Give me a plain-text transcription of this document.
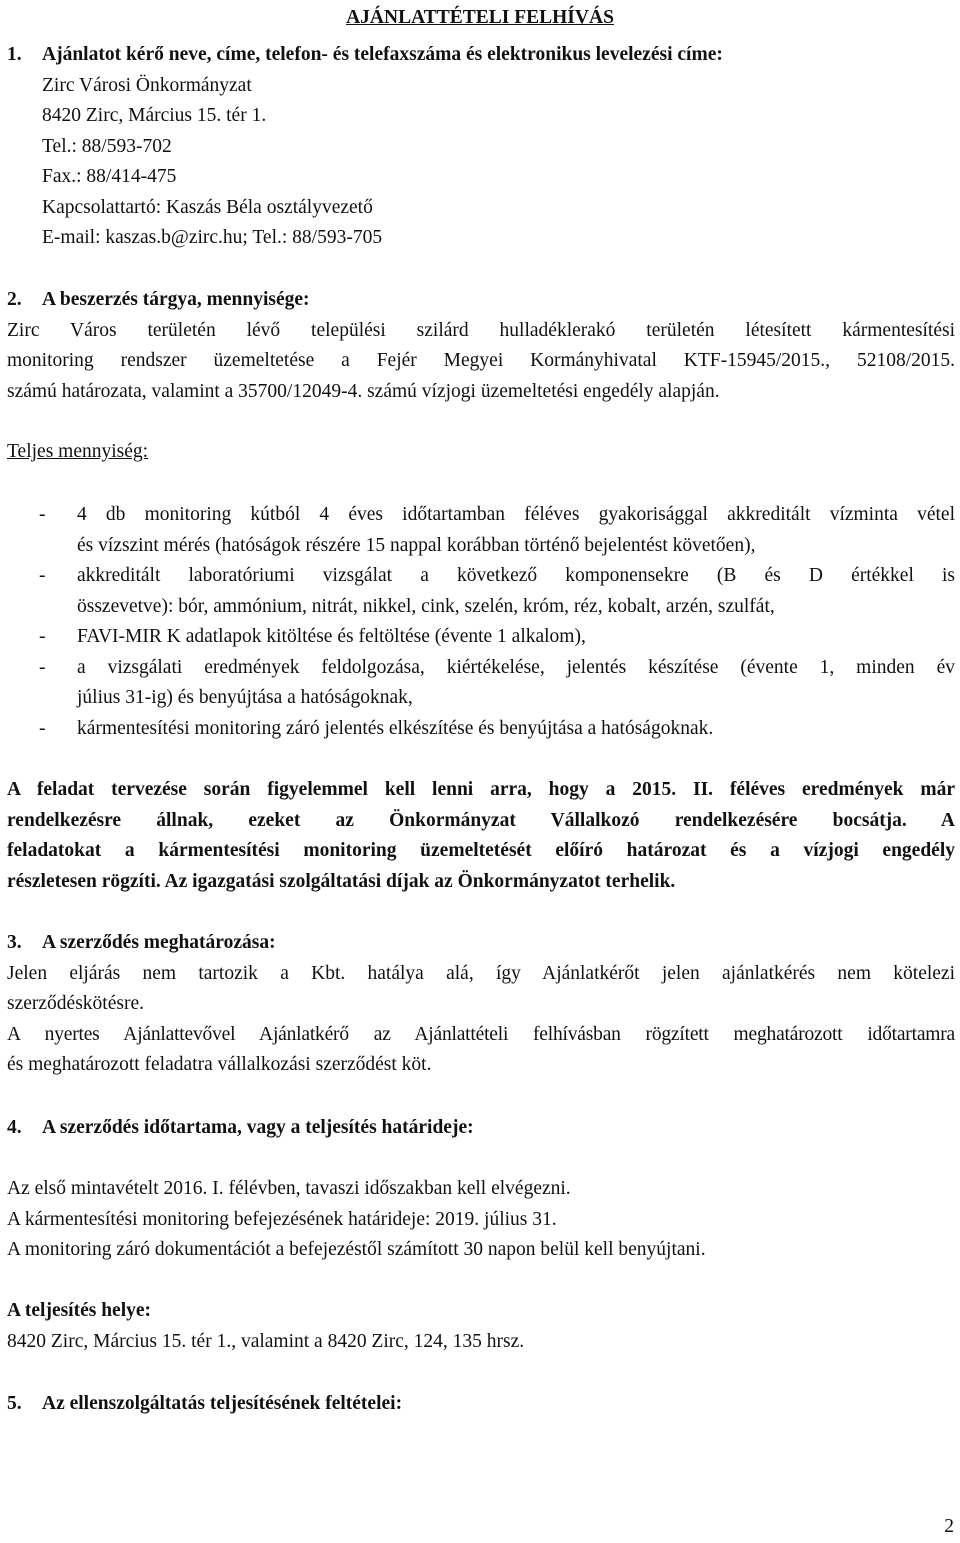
AJÁNLATTÉTELI FELHÍVÁS
1. Ajánlatot kérő neve, címe, telefon- és telefaxszáma és elektronikus levelezési címe:
Zirc Városi Önkormányzat
8420 Zirc, Március 15. tér 1.
Tel.: 88/593-702
Fax.: 88/414-475
Kapcsolattartó: Kaszás Béla osztályvezető
E-mail: kaszas.b@zirc.hu; Tel.: 88/593-705
2. A beszerzés tárgya, mennyisége:
Zirc Város területén lévő települési szilárd hulladéklerakó területén létesített kármentesítési
monitoring rendszer üzemeltetése a Fejér Megyei Kormányhivatal KTF-15945/2015., 52108/2015.
számú határozata, valamint a 35700/12049-4. számú vízjogi üzemeltetési engedély alapján.
Teljes mennyiség:
- 4 db monitoring kútból 4 éves időtartamban féléves gyakorisággal akkreditált vízminta vétel
és vízszint mérés (hatóságok részére 15 nappal korábban történő bejelentést követően),
- akkreditált laboratóriumi vizsgálat a következő komponensekre (B és D értékkel is
összevetve): bór, ammónium, nitrát, nikkel, cink, szelén, króm, réz, kobalt, arzén, szulfát,
- FAVI-MIR K adatlapok kitöltése és feltöltése (évente 1 alkalom),
- a vizsgálati eredmények feldolgozása, kiértékelése, jelentés készítése (évente 1, minden év
július 31-ig) és benyújtása a hatóságoknak,
- kármentesítési monitoring záró jelentés elkészítése és benyújtása a hatóságoknak.
A feladat tervezése során figyelemmel kell lenni arra, hogy a 2015. II. féléves eredmények már
rendelkezésre állnak, ezeket az Önkormányzat Vállalkozó rendelkezésére bocsátja. A
feladatokat a kármentesítési monitoring üzemeltetését előíró határozat és a vízjogi engedély
részletesen rögzíti. Az igazgatási szolgáltatási díjak az Önkormányzatot terhelik.
3. A szerződés meghatározása:
Jelen eljárás nem tartozik a Kbt. hatálya alá, így Ajánlatkérőt jelen ajánlatkérés nem kötelezi
szerződéskötésre.
A nyertes Ajánlattevővel Ajánlatkérő az Ajánlattételi felhívásban rögzített meghatározott időtartamra
és meghatározott feladatra vállalkozási szerződést köt.
4. A szerződés időtartama, vagy a teljesítés határideje:
Az első mintavételt 2016. I. félévben, tavaszi időszakban kell elvégezni.
A kármentesítési monitoring befejezésének határideje: 2019. július 31.
A monitoring záró dokumentációt a befejezéstől számított 30 napon belül kell benyújtani.
A teljesítés helye:
8420 Zirc, Március 15. tér 1., valamint a 8420 Zirc, 124, 135 hrsz.
5. Az ellenszolgáltatás teljesítésének feltételei:
2
